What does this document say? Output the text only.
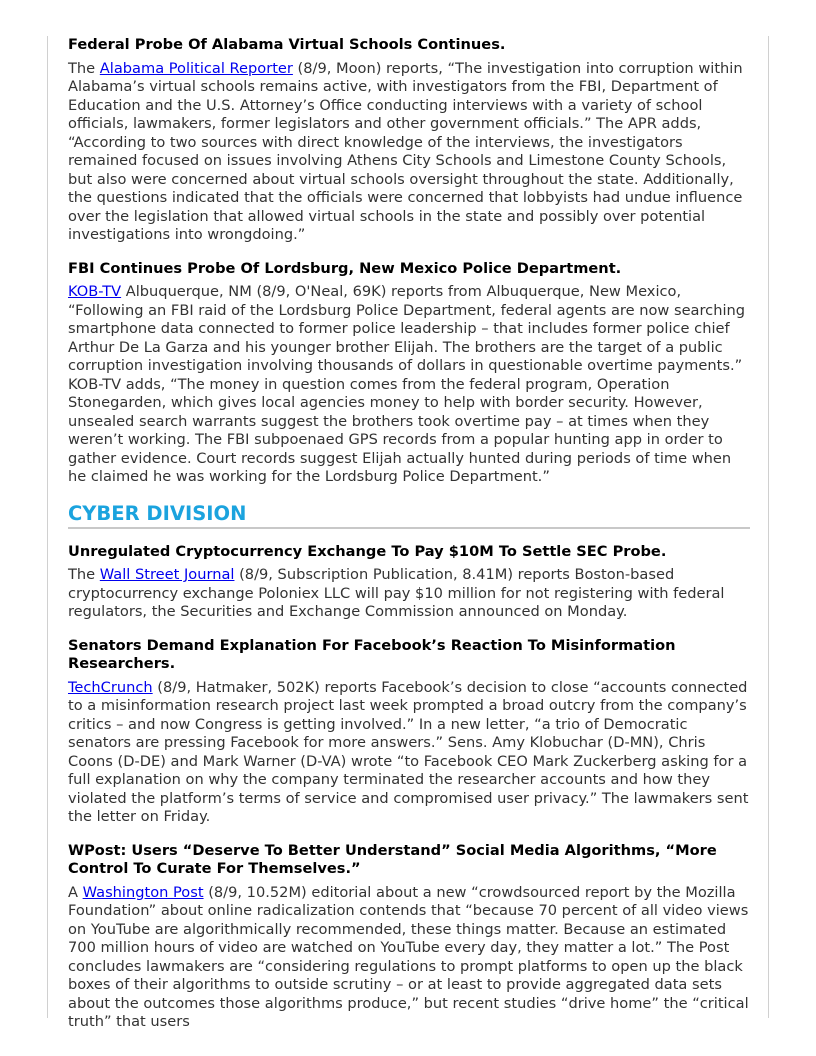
Federal Probe Of Alabama Virtual Schools Continues.

The Alabama Political Reporter (8/9, Moon) reports, “The investigation into corruption within Alabama’s virtual schools remains active, with investigators from the FBI, Department of Education and the U.S. Attorney’s Office conducting interviews with a variety of school officials, lawmakers, former legislators and other government officials.” The APR adds, “According to two sources with direct knowledge of the interviews, the investigators remained focused on issues involving Athens City Schools and Limestone County Schools, but also were concerned about virtual schools oversight throughout the state. Additionally, the questions indicated that the officials were concerned that lobbyists had undue influence over the legislation that allowed virtual schools in the state and possibly over potential investigations into wrongdoing.”

FBI Continues Probe Of Lordsburg, New Mexico Police Department.

KOB-TV Albuquerque, NM (8/9, O'Neal, 69K) reports from Albuquerque, New Mexico, “Following an FBI raid of the Lordsburg Police Department, federal agents are now searching smartphone data connected to former police leadership – that includes former police chief Arthur De La Garza and his younger brother Elijah. The brothers are the target of a public corruption investigation involving thousands of dollars in questionable overtime payments.” KOB-TV adds, “The money in question comes from the federal program, Operation Stonegarden, which gives local agencies money to help with border security. However, unsealed search warrants suggest the brothers took overtime pay – at times when they weren’t working. The FBI subpoenaed GPS records from a popular hunting app in order to gather evidence. Court records suggest Elijah actually hunted during periods of time when he claimed he was working for the Lordsburg Police Department.”

CYBER DIVISION
Unregulated Cryptocurrency Exchange To Pay $10M To Settle SEC Probe.

The Wall Street Journal (8/9, Subscription Publication, 8.41M) reports Boston-based cryptocurrency exchange Poloniex LLC will pay $10 million for not registering with federal regulators, the Securities and Exchange Commission announced on Monday.

Senators Demand Explanation For Facebook’s Reaction To Misinformation Researchers.

TechCrunch (8/9, Hatmaker, 502K) reports Facebook’s decision to close “accounts connected to a misinformation research project last week prompted a broad outcry from the company’s critics – and now Congress is getting involved.” In a new letter, “a trio of Democratic senators are pressing Facebook for more answers.” Sens. Amy Klobuchar (D-MN), Chris Coons (D-DE) and Mark Warner (D-VA) wrote “to Facebook CEO Mark Zuckerberg asking for a full explanation on why the company terminated the researcher accounts and how they violated the platform’s terms of service and compromised user privacy.” The lawmakers sent the letter on Friday.

WPost: Users “Deserve To Better Understand” Social Media Algorithms, “More Control To Curate For Themselves.”

A Washington Post (8/9, 10.52M) editorial about a new “crowdsourced report by the Mozilla Foundation” about online radicalization contends that “because 70 percent of all video views on YouTube are algorithmically recommended, these things matter. Because an estimated 700 million hours of video are watched on YouTube every day, they matter a lot.” The Post concludes lawmakers are “considering regulations to prompt platforms to open up the black boxes of their algorithms to outside scrutiny – or at least to provide aggregated data sets about the outcomes those algorithms produce,” but recent studies “drive home” the “critical truth” that users
